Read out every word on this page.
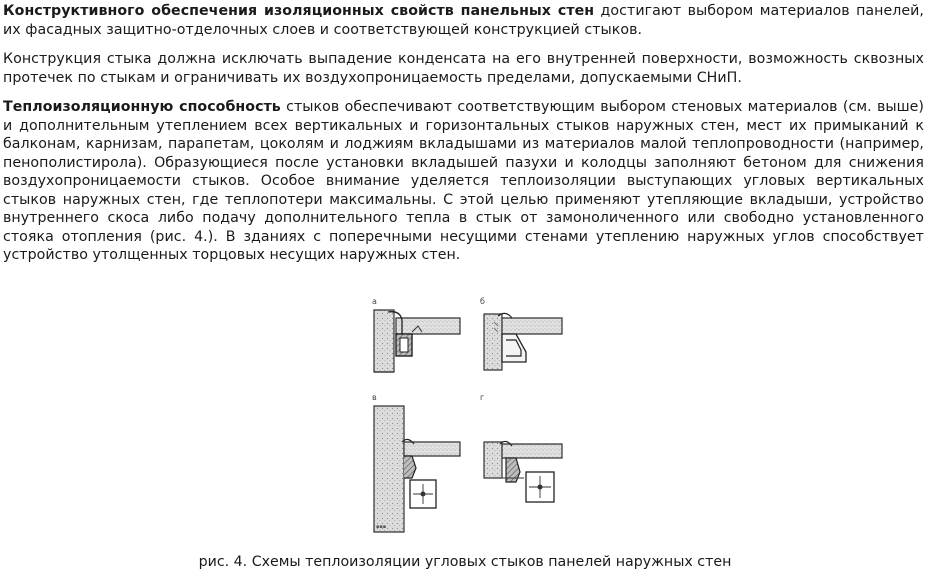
Конструктивного обеспечения изоляционных свойств панельных стен достигают выбором материалов панелей, их фасадных защитно-отделочных слоев и соответствующей конструкцией стыков.

Конструкция стыка должна исключать выпадение конденсата на его внутренней поверхности, возможность сквозных протечек по стыкам и ограничивать их воздухопроницаемость пределами, допускаемыми СНиП.

Теплоизоляционную способность стыков обеспечивают соответствующим выбором стеновых материалов (см. выше) и дополнительным утеплением всех вертикальных и горизонтальных стыков наружных стен, мест их примыканий к балконам, карнизам, парапетам, цоколям и лоджиям вкладышами из материалов малой теплопроводности (например, пенополистирола). Образующиеся после установки вкладышей пазухи и колодцы заполняют бетоном для снижения воздухопроницаемости стыков. Особое внимание уделяется теплоизоляции выступающих угловых вертикальных стыков наружных стен, где теплопотери максимальны. С этой целью применяют утепляющие вкладыши, устройство внутреннего скоса либо подачу дополнительного тепла в стык от замоноличенного или свободно установленного стояка отопления (рис. 4.). В зданиях с поперечными несущими стенами утеплению наружных углов способствует устройство утолщенных торцовых несущих наружных стен.

а	б
в
▪▪▪
г
рис. 4. Схемы теплоизоляции угловых стыков панелей наружных стен
